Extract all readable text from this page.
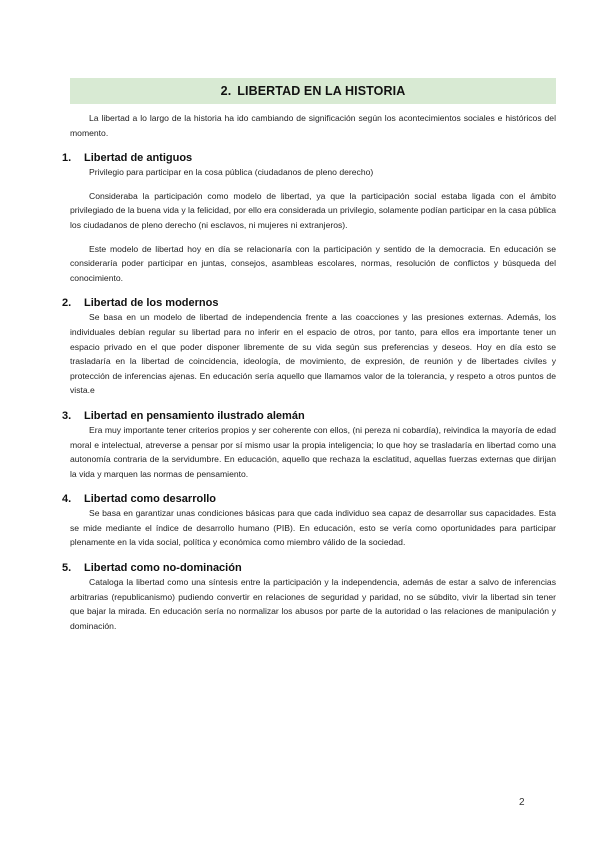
2. LIBERTAD EN LA HISTORIA

La libertad a lo largo de la historia ha ido cambiando de significación según los acontecimientos sociales e históricos del momento.

1.	Libertad de antiguos

Privilegio para participar en la cosa pública (ciudadanos de pleno derecho)

Consideraba la participación como modelo de libertad, ya que la participación social estaba ligada con el ámbito privilegiado de la buena vida y la felicidad, por ello era considerada un privilegio, solamente podían participar en la casa pública los ciudadanos de pleno derecho (ni esclavos, ni mujeres ni extranjeros).

Este modelo de libertad hoy en día se relacionaría con la participación y sentido de la democracia. En educación se consideraría poder participar en juntas, consejos, asambleas escolares, normas, resolución de conflictos y búsqueda del conocimiento.

2.	Libertad de los modernos

Se basa en un modelo de libertad de independencia frente a las coacciones y las presiones externas. Además, los individuales debían regular su libertad para no inferir en el espacio de otros, por tanto, para ellos era importante tener un espacio privado en el que poder disponer libremente de su vida según sus preferencias y deseos. Hoy en día esto se trasladaría en la libertad de coincidencia, ideología, de movimiento, de expresión, de reunión y de libertades civiles y protección de inferencias ajenas. En educación sería aquello que llamamos valor de la tolerancia, y respeto a otros puntos de vista.e

3.	Libertad en pensamiento ilustrado alemán

Era muy importante tener criterios propios y ser coherente con ellos, (ni pereza ni cobardía), reivindica la mayoría de edad moral e intelectual, atreverse a pensar por sí mismo usar la propia inteligencia; lo que hoy se trasladaría en libertad como una autonomía contraria de la servidumbre. En educación, aquello que rechaza la esclatitud, aquellas fuerzas externas que dirijan la vida y marquen las normas de pensamiento.

4.	Libertad como desarrollo

Se basa en garantizar unas condiciones básicas para que cada individuo sea capaz de desarrollar sus capacidades. Esta se mide mediante el índice de desarrollo humano (PIB). En educación, esto se vería como oportunidades para participar plenamente en la vida social, política y económica como miembro válido de la sociedad.

5.	Libertad como no-dominación

Cataloga la libertad como una síntesis entre la participación y la independencia, además de estar a salvo de inferencias arbitrarias (republicanismo) pudiendo convertir en relaciones de seguridad y paridad, no se súbdito, vivir la libertad sin tener que bajar la mirada. En educación sería no normalizar los abusos por parte de la autoridad o las relaciones de manipulación y dominación.

2
